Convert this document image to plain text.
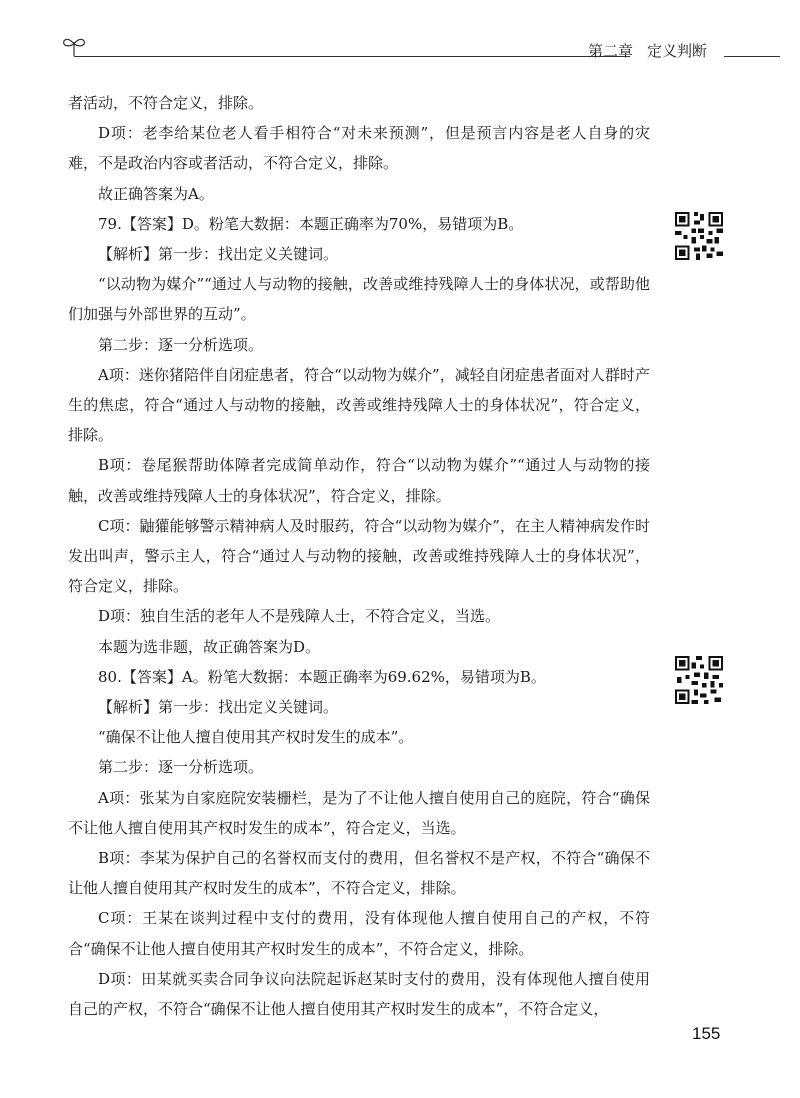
第二章 定义判断

者活动，不符合定义，排除。

D项：老李给某位老人看手相符合“对未来预测”，但是预言内容是老人自身的灾难，不是政治内容或者活动，不符合定义，排除。

故正确答案为A。

79.【答案】D。粉笔大数据：本题正确率为70%，易错项为B。

【解析】第一步：找出定义关键词。

“以动物为媒介”“通过人与动物的接触，改善或维持残障人士的身体状况，或帮助他们加强与外部世界的互动”。

第二步：逐一分析选项。

A项：迷你猪陪伴自闭症患者，符合“以动物为媒介”，减轻自闭症患者面对人群时产生的焦虑，符合“通过人与动物的接触，改善或维持残障人士的身体状况”，符合定义，排除。

B项：卷尾猴帮助体障者完成简单动作，符合“以动物为媒介”“通过人与动物的接触，改善或维持残障人士的身体状况”，符合定义，排除。

C项：鼬獾能够警示精神病人及时服药，符合“以动物为媒介”，在主人精神病发作时发出叫声，警示主人，符合“通过人与动物的接触，改善或维持残障人士的身体状况”，符合定义，排除。

D项：独自生活的老年人不是残障人士，不符合定义，当选。

本题为选非题，故正确答案为D。

80.【答案】A。粉笔大数据：本题正确率为69.62%，易错项为B。

【解析】第一步：找出定义关键词。

“确保不让他人擅自使用其产权时发生的成本”。

第二步：逐一分析选项。

A项：张某为自家庭院安装栅栏，是为了不让他人擅自使用自己的庭院，符合“确保不让他人擅自使用其产权时发生的成本”，符合定义，当选。

B项：李某为保护自己的名誉权而支付的费用，但名誉权不是产权，不符合“确保不让他人擅自使用其产权时发生的成本”，不符合定义，排除。

C项：王某在谈判过程中支付的费用，没有体现他人擅自使用自己的产权，不符合“确保不让他人擅自使用其产权时发生的成本”，不符合定义，排除。

D项：田某就买卖合同争议向法院起诉赵某时支付的费用，没有体现他人擅自使用自己的产权，不符合“确保不让他人擅自使用其产权时发生的成本”，不符合定义，

155
